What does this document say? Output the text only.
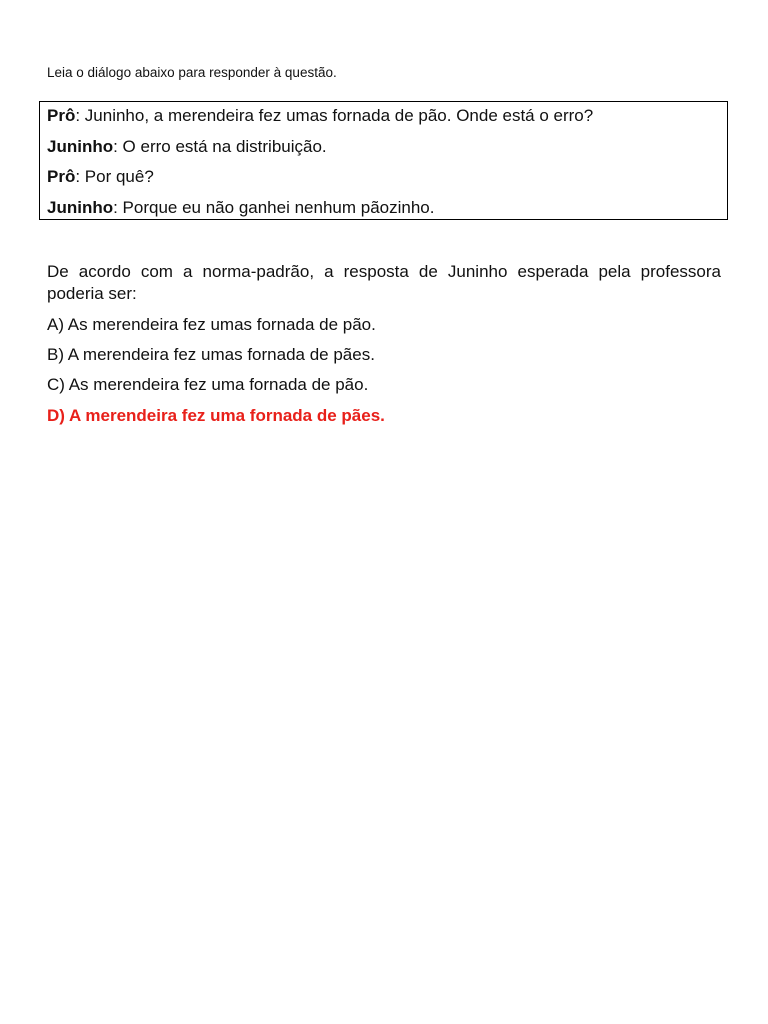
Leia o diálogo abaixo para responder à questão.

Prô: Juninho, a merendeira fez umas fornada de pão. Onde está o erro?
Juninho: O erro está na distribuição.
Prô: Por quê?
Juninho: Porque eu não ganhei nenhum pãozinho.

De acordo com a norma-padrão, a resposta de Juninho esperada pela professora poderia ser:

A) As merendeira fez umas fornada de pão.

B) A merendeira fez umas fornada de pães.

C) As merendeira fez uma fornada de pão.

D) A merendeira fez uma fornada de pães.
